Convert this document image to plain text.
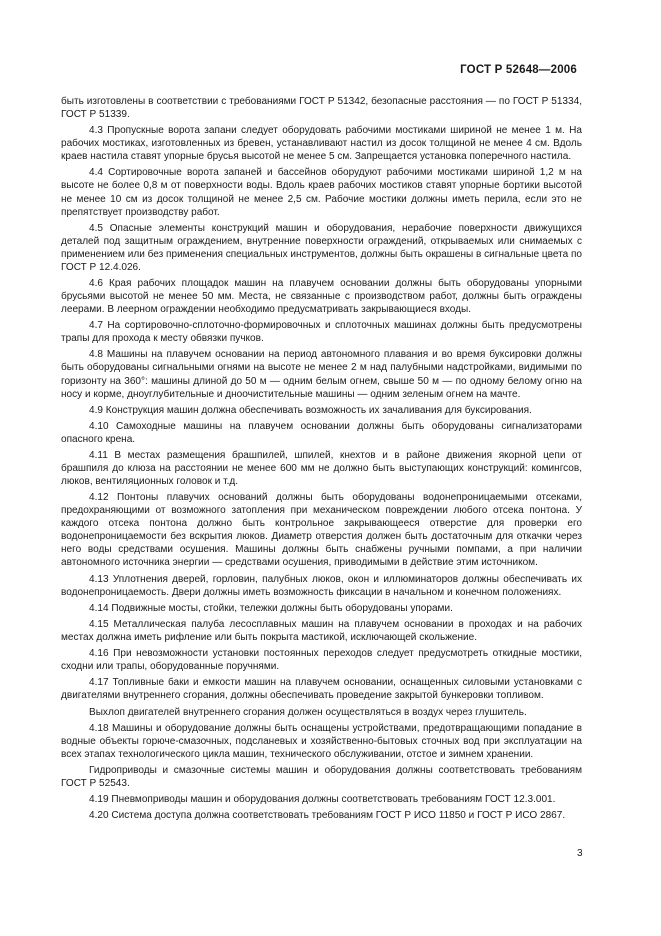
ГОСТ Р 52648—2006

быть изготовлены в соответствии с требованиями ГОСТ Р 51342, безопасные расстояния — по ГОСТ Р 51334, ГОСТ Р 51339.

4.3 Пропускные ворота запани следует оборудовать рабочими мостиками шириной не менее 1 м. На рабочих мостиках, изготовленных из бревен, устанавливают настил из досок толщиной не менее 4 см. Вдоль краев настила ставят упорные брусья высотой не менее 5 см. Запрещается установка поперечного настила.

4.4 Сортировочные ворота запаней и бассейнов оборудуют рабочими мостиками шириной 1,2 м на высоте не более 0,8 м от поверхности воды. Вдоль краев рабочих мостиков ставят упорные бортики высотой не менее 10 см из досок толщиной не менее 2,5 см. Рабочие мостики должны иметь перила, если это не препятствует производству работ.

4.5 Опасные элементы конструкций машин и оборудования, нерабочие поверхности движущихся деталей под защитным ограждением, внутренние поверхности ограждений, открываемых или снимаемых с применением или без применения специальных инструментов, должны быть окрашены в сигнальные цвета по ГОСТ Р 12.4.026.

4.6 Края рабочих площадок машин на плавучем основании должны быть оборудованы упорными брусьями высотой не менее 50 мм. Места, не связанные с производством работ, должны быть ограждены леерами. В леерном ограждении необходимо предусматривать закрывающиеся входы.

4.7 На сортировочно-сплоточно-формировочных и сплоточных машинах должны быть предусмотрены трапы для прохода к месту обвязки пучков.

4.8 Машины на плавучем основании на период автономного плавания и во время буксировки должны быть оборудованы сигнальными огнями на высоте не менее 2 м над палубными надстройками, видимыми по горизонту на 360°: машины длиной до 50 м — одним белым огнем, свыше 50 м — по одному белому огню на носу и корме, дноуглубительные и дноочистительные машины — одним зеленым огнем на мачте.

4.9 Конструкция машин должна обеспечивать возможность их зачаливания для буксирования.

4.10 Самоходные машины на плавучем основании должны быть оборудованы сигнализаторами опасного крена.

4.11 В местах размещения брашпилей, шпилей, кнехтов и в районе движения якорной цепи от брашпиля до клюза на расстоянии не менее 600 мм не должно быть выступающих конструкций: комингсов, люков, вентиляционных головок и т.д.

4.12 Понтоны плавучих оснований должны быть оборудованы водонепроницаемыми отсеками, предохраняющими от возможного затопления при механическом повреждении любого отсека понтона. У каждого отсека понтона должно быть контрольное закрывающееся отверстие для проверки его водонепроницаемости без вскрытия люков. Диаметр отверстия должен быть достаточным для откачки через него воды средствами осушения. Машины должны быть снабжены ручными помпами, а при наличии автономного источника энергии — средствами осушения, приводимыми в действие этим источником.

4.13 Уплотнения дверей, горловин, палубных люков, окон и иллюминаторов должны обеспечивать их водонепроницаемость. Двери должны иметь возможность фиксации в начальном и конечном положениях.

4.14 Подвижные мосты, стойки, тележки должны быть оборудованы упорами.

4.15 Металлическая палуба лесосплавных машин на плавучем основании в проходах и на рабочих местах должна иметь рифление или быть покрыта мастикой, исключающей скольжение.

4.16 При невозможности установки постоянных переходов следует предусмотреть откидные мостики, сходни или трапы, оборудованные поручнями.

4.17 Топливные баки и емкости машин на плавучем основании, оснащенных силовыми установками с двигателями внутреннего сгорания, должны обеспечивать проведение закрытой бункеровки топливом.

Выхлоп двигателей внутреннего сгорания должен осуществляться в воздух через глушитель.

4.18 Машины и оборудование должны быть оснащены устройствами, предотвращающими попадание в водные объекты горюче-смазочных, подсланевых и хозяйственно-бытовых сточных вод при эксплуатации на всех этапах технологического цикла машин, технического обслуживании, отстое и зимнем хранении.

Гидроприводы и смазочные системы машин и оборудования должны соответствовать требованиям ГОСТ Р 52543.

4.19 Пневмоприводы машин и оборудования должны соответствовать требованиям ГОСТ 12.3.001.

4.20 Система доступа должна соответствовать требованиям ГОСТ Р ИСО 11850 и ГОСТ Р ИСО 2867.

3
